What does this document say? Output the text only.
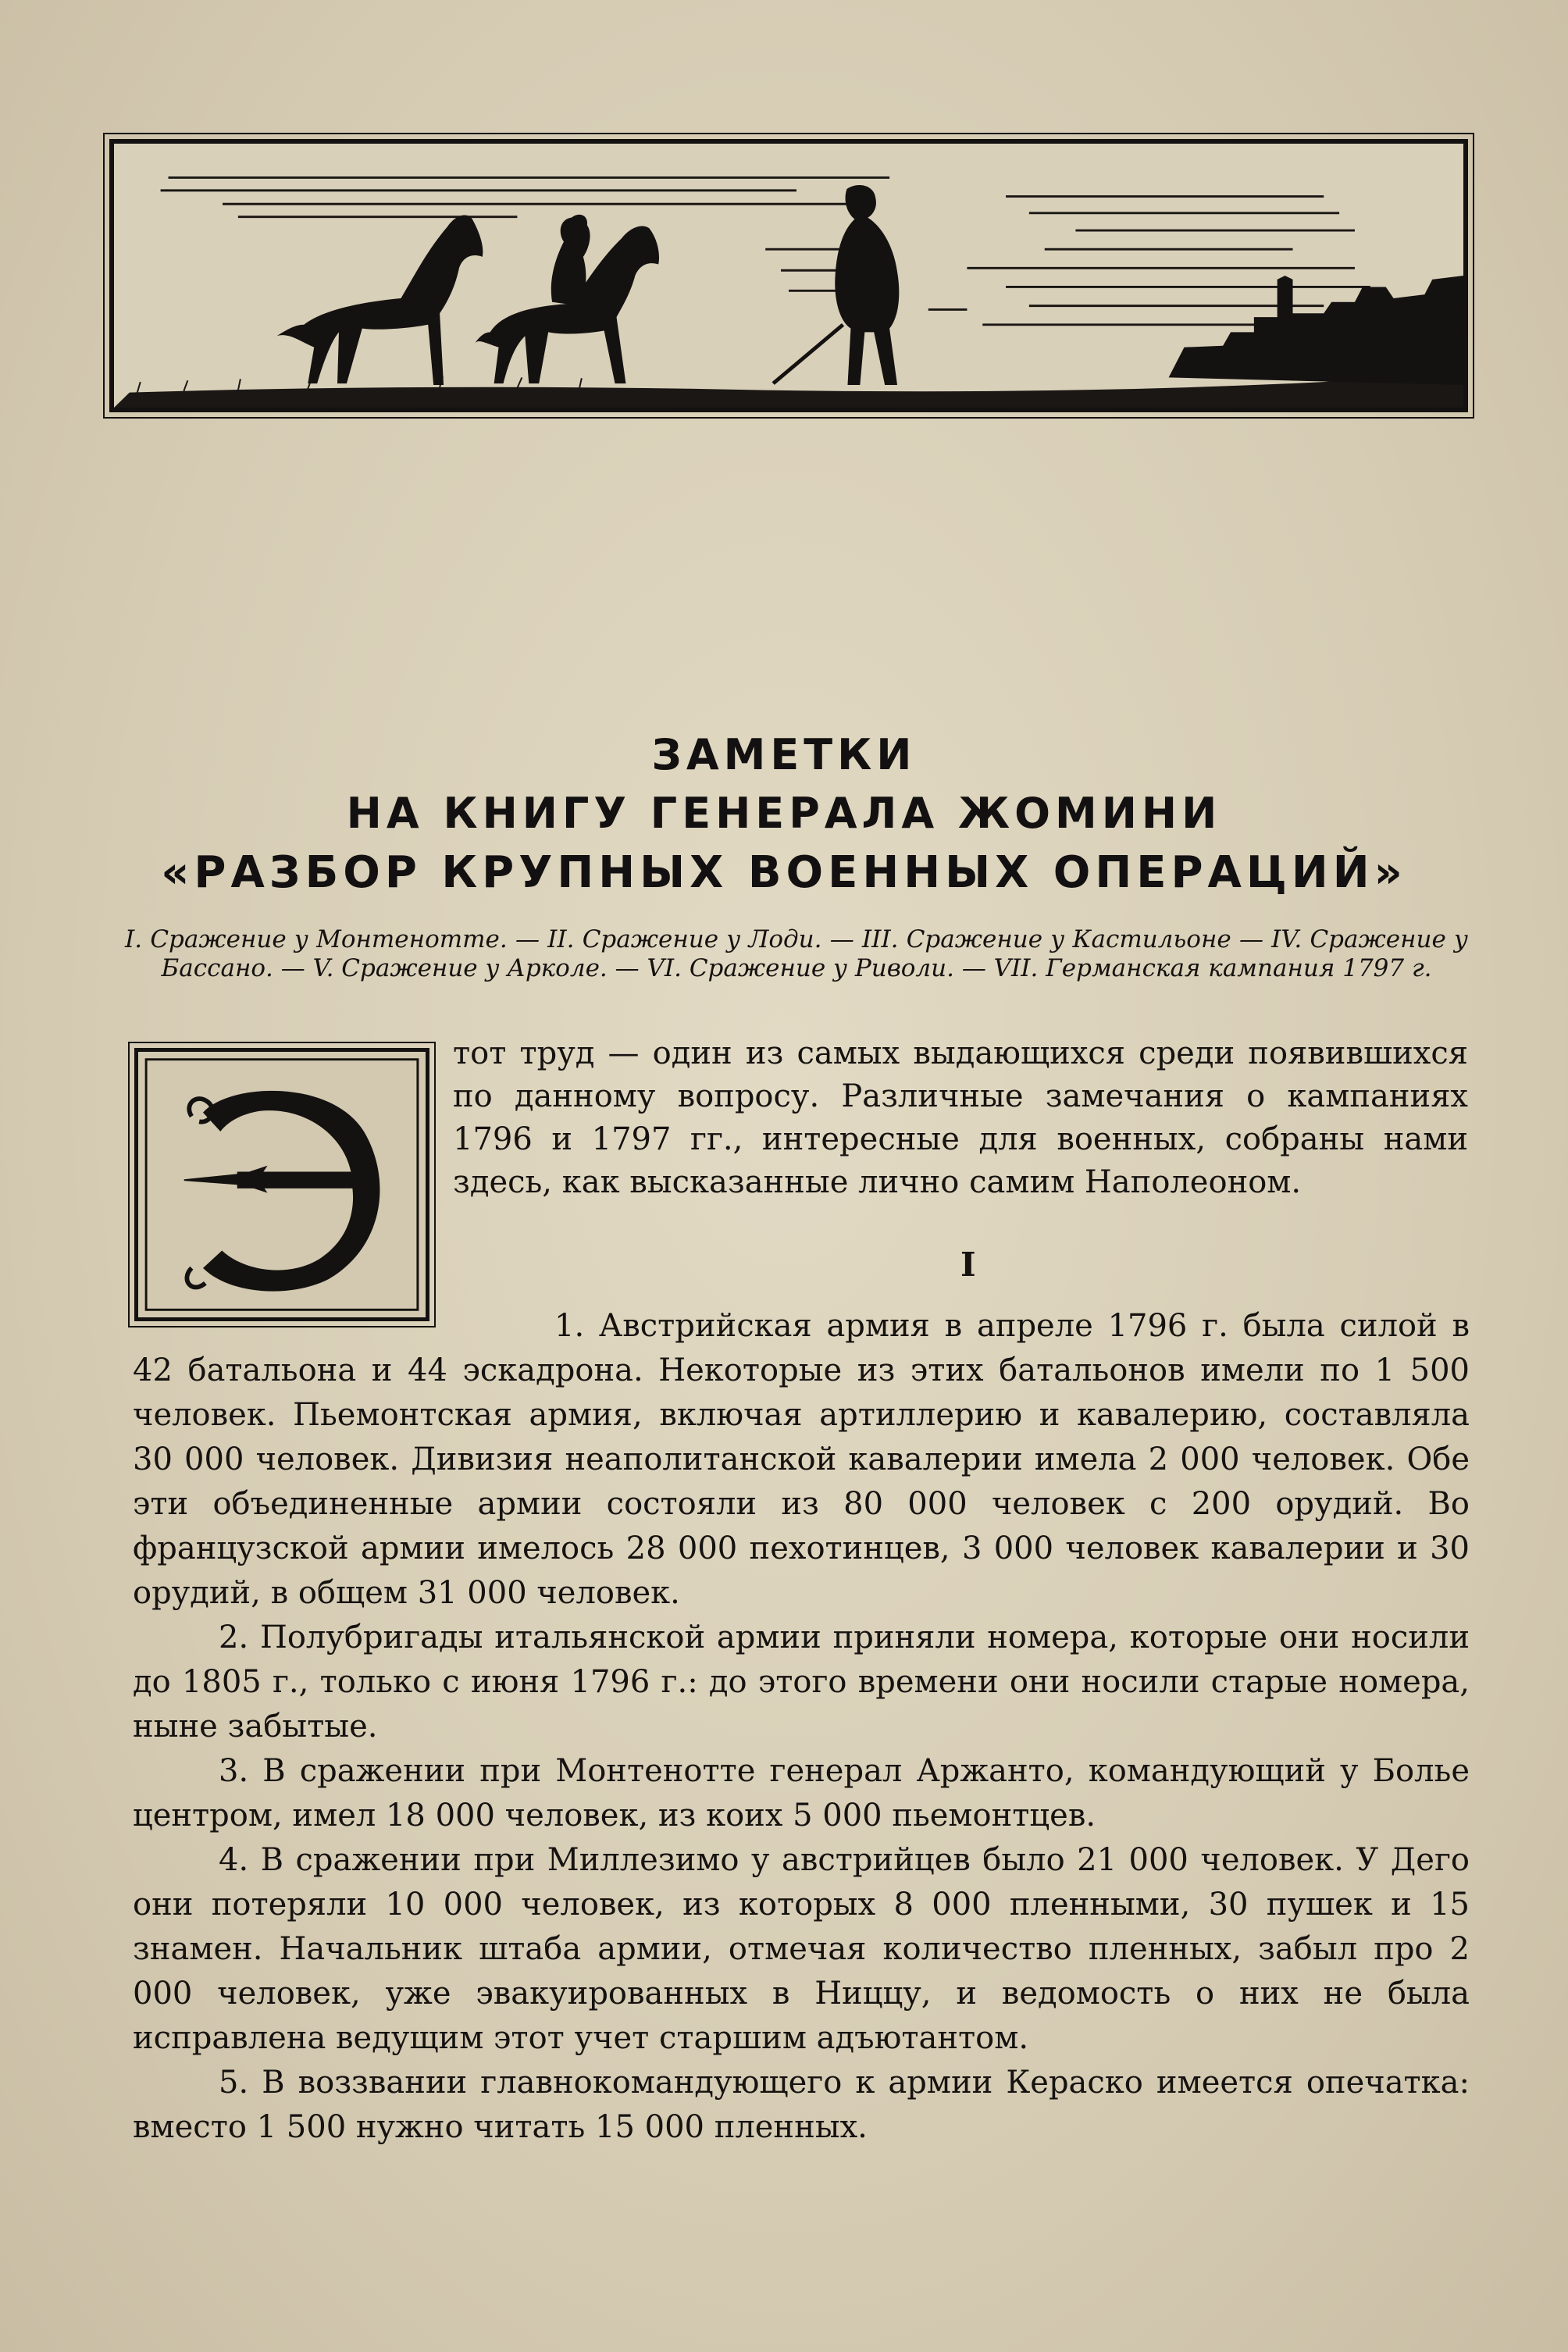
ЗАМЕТКИ
НА КНИГУ ГЕНЕРАЛА ЖОМИНИ
«РАЗБОР КРУПНЫХ ВОЕННЫХ ОПЕРАЦИЙ»
I. Сражение у Монтенотте. — II. Сражение у Лоди. — III. Сражение у Кастильоне — IV. Сражение у Бассано. — V. Сражение у Арколе. — VI. Сражение у Риволи. — VII. Германская кампания 1797 г.

тот труд — один из самых выдающихся среди появившихся по данному вопросу. Различные замечания о кампаниях 1796 и 1797 гг., интересные для военных, собраны нами здесь, как высказанные лично самим Наполеоном.

I

1. Австрийская армия в апреле 1796 г. была силой в 42 батальона и 44 эскадрона. Некоторые из этих батальонов имели по 1 500 человек. Пьемонтская армия, включая артиллерию и кавалерию, составляла 30 000 человек. Дивизия неаполитанской кавалерии имела 2 000 человек. Обе эти объединенные армии состояли из 80 000 человек с 200 орудий. Во французской армии имелось 28 000 пехотинцев, 3 000 человек кавалерии и 30 орудий, в общем 31 000 человек.

2. Полубригады итальянской армии приняли номера, которые они носили до 1805 г., только с июня 1796 г.: до этого времени они носили старые номера, ныне забытые.

3. В сражении при Монтенотте генерал Аржанто, командующий у Больe центром, имел 18 000 человек, из коих 5 000 пьемонтцев.

4. В сражении при Миллезимо у австрийцев было 21 000 человек. У Дего они потеряли 10 000 человек, из которых 8 000 пленными, 30 пушек и 15 знамен. Начальник штаба армии, отмечая количество пленных, забыл про 2 000 человек, уже эвакуированных в Ниццу, и ведомость о них не была исправлена ведущим этот учет старшим адъютантом.

5. В воззвании главнокомандующего к армии Кераско имеется опечатка: вместо 1 500 нужно читать 15 000 пленных.
